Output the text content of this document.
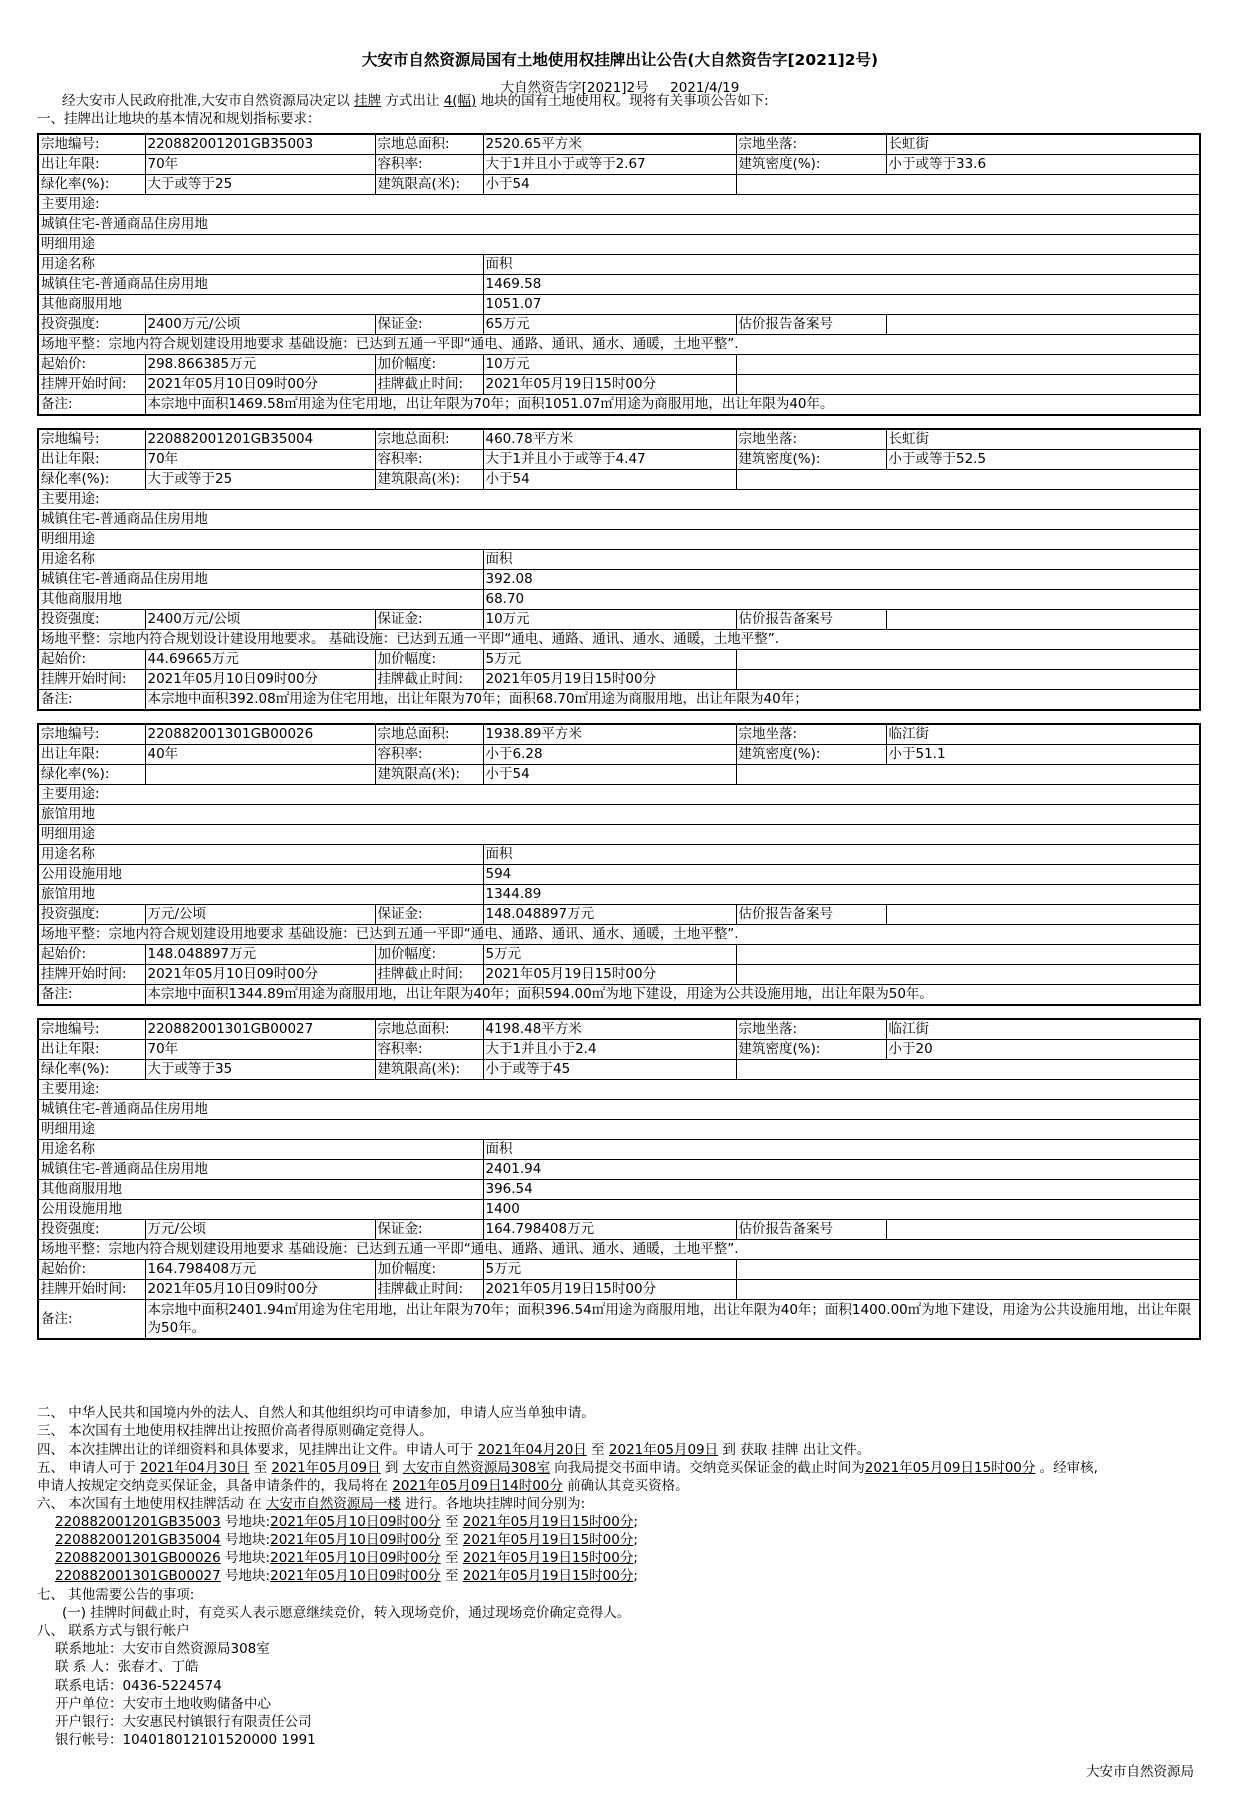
大安市自然资源局国有土地使用权挂牌出让公告(大自然资告字[2021]2号)
大自然资告字[2021]2号 2021/4/19
经大安市人民政府批准,大安市自然资源局决定以 挂牌 方式出让 4(幅) 地块的国有土地使用权。现将有关事项公告如下:
一、挂牌出让地块的基本情况和规划指标要求：
宗地编号:	220882001201GB35003	宗地总面积:	2520.65平方米	宗地坐落:	长虹街
出让年限:	70年	容积率:	大于1并且小于或等于2.67	建筑密度(%):	小于或等于33.6
绿化率(%):	大于或等于25	建筑限高(米):	小于54		
主要用途:					
城镇住宅-普通商品住房用地					
明细用途					
用途名称			面积		
城镇住宅-普通商品住房用地			1469.58		
其他商服用地			1051.07		
投资强度:	2400万元/公顷	保证金:	65万元	估价报告备案号	
场地平整：宗地内符合规划建设用地要求 基础设施：已达到五通一平即“通电、通路、通讯、通水、通暖，土地平整”.					
起始价:	298.866385万元	加价幅度:	10万元		
挂牌开始时间:	2021年05月10日09时00分	挂牌截止时间:	2021年05月19日15时00分		
备注:	本宗地中面积1469.58㎡用途为住宅用地，出让年限为70年；面积1051.07㎡用途为商服用地，出让年限为40年。				
宗地编号:	220882001201GB35004	宗地总面积:	460.78平方米	宗地坐落:	长虹街
出让年限:	70年	容积率:	大于1并且小于或等于4.47	建筑密度(%):	小于或等于52.5
绿化率(%):	大于或等于25	建筑限高(米):	小于54		
主要用途:					
城镇住宅-普通商品住房用地					
明细用途					
用途名称			面积		
城镇住宅-普通商品住房用地			392.08		
其他商服用地			68.70		
投资强度:	2400万元/公顷	保证金:	10万元	估价报告备案号	
场地平整：宗地内符合规划设计建设用地要求。 基础设施：已达到五通一平即“通电、通路、通讯、通水、通暖，土地平整”.					
起始价:	44.69665万元	加价幅度:	5万元		
挂牌开始时间:	2021年05月10日09时00分	挂牌截止时间:	2021年05月19日15时00分		
备注:	本宗地中面积392.08㎡用途为住宅用地，出让年限为70年；面积68.70㎡用途为商服用地，出让年限为40年；				
宗地编号:	220882001301GB00026	宗地总面积:	1938.89平方米	宗地坐落:	临江街
出让年限:	40年	容积率:	小于6.28	建筑密度(%):	小于51.1
绿化率(%):		建筑限高(米):	小于54		
主要用途:					
旅馆用地					
明细用途					
用途名称			面积		
公用设施用地			594		
旅馆用地			1344.89		
投资强度:	万元/公顷	保证金:	148.048897万元	估价报告备案号	
场地平整：宗地内符合规划建设用地要求 基础设施：已达到五通一平即“通电、通路、通讯、通水、通暖，土地平整”.					
起始价:	148.048897万元	加价幅度:	5万元		
挂牌开始时间:	2021年05月10日09时00分	挂牌截止时间:	2021年05月19日15时00分		
备注:	本宗地中面积1344.89㎡用途为商服用地，出让年限为40年；面积594.00㎡为地下建设，用途为公共设施用地，出让年限为50年。				
宗地编号:	220882001301GB00027	宗地总面积:	4198.48平方米	宗地坐落:	临江街
出让年限:	70年	容积率:	大于1并且小于2.4	建筑密度(%):	小于20
绿化率(%):	大于或等于35	建筑限高(米):	小于或等于45		
主要用途:					
城镇住宅-普通商品住房用地					
明细用途					
用途名称			面积		
城镇住宅-普通商品住房用地			2401.94		
其他商服用地			396.54		
公用设施用地			1400		
投资强度:	万元/公顷	保证金:	164.798408万元	估价报告备案号	
场地平整：宗地内符合规划建设用地要求 基础设施：已达到五通一平即“通电、通路、通讯、通水、通暖，土地平整”.					
起始价:	164.798408万元	加价幅度:	5万元		
挂牌开始时间:	2021年05月10日09时00分	挂牌截止时间:	2021年05月19日15时00分		
备注:	本宗地中面积2401.94㎡用途为住宅用地，出让年限为70年；面积396.54㎡用途为商服用地，出让年限为40年；面积1400.00㎡为地下建设，用途为公共设施用地，出让年限为50年。				
二、 中华人民共和国境内外的法人、自然人和其他组织均可申请参加，申请人应当单独申请。
三、 本次国有土地使用权挂牌出让按照价高者得原则确定竞得人。
四、 本次挂牌出让的详细资料和具体要求，见挂牌出让文件。申请人可于 2021年04月20日 至 2021年05月09日 到 获取 挂牌 出让文件。
五、 申请人可于 2021年04月30日 至 2021年05月09日 到 大安市自然资源局308室 向我局提交书面申请。交纳竞买保证金的截止时间为2021年05月09日15时00分 。经审核,
申请人按规定交纳竞买保证金，具备申请条件的，我局将在 2021年05月09日14时00分 前确认其竞买资格。
六、 本次国有土地使用权挂牌活动 在 大安市自然资源局一楼 进行。各地块挂牌时间分别为:
220882001201GB35003 号地块:2021年05月10日09时00分 至 2021年05月19日15时00分;
220882001201GB35004 号地块:2021年05月10日09时00分 至 2021年05月19日15时00分;
220882001301GB00026 号地块:2021年05月10日09时00分 至 2021年05月19日15时00分;
220882001301GB00027 号地块:2021年05月10日09时00分 至 2021年05月19日15时00分;
七、 其他需要公告的事项:
(一) 挂牌时间截止时，有竞买人表示愿意继续竞价，转入现场竞价，通过现场竞价确定竞得人。
八、 联系方式与银行帐户
联系地址：大安市自然资源局308室
联 系 人：张春才、丁皓
联系电话：0436-5224574
开户单位：大安市土地收购储备中心
开户银行：大安惠民村镇银行有限责任公司
银行帐号：104018012101520000 1991
大安市自然资源局
